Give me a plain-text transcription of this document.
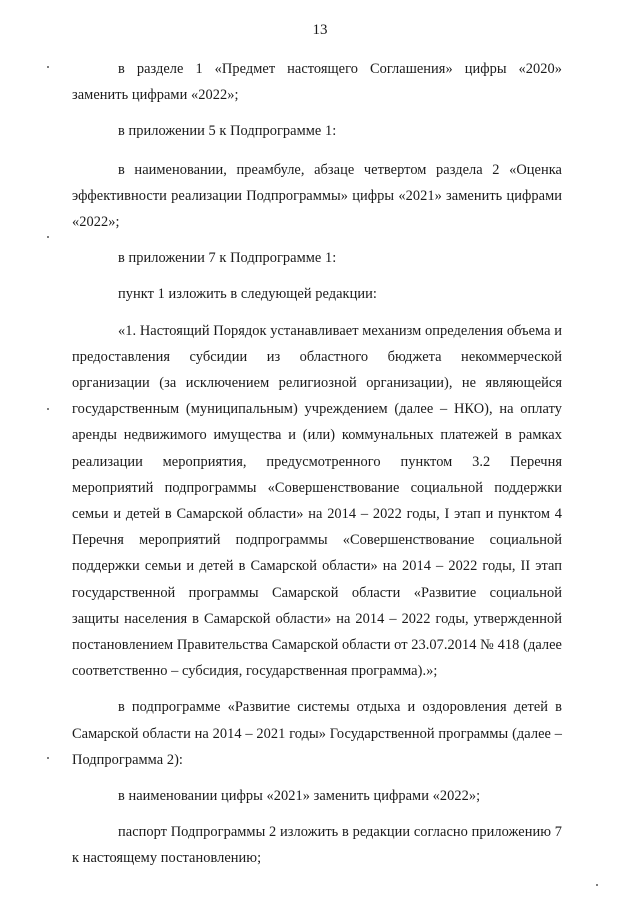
13

в разделе 1 «Предмет настоящего Соглашения» цифры «2020» заменить цифрами «2022»;

в приложении 5 к Подпрограмме 1:

в наименовании, преамбуле, абзаце четвертом раздела 2 «Оценка эффективности реализации Подпрограммы» цифры «2021» заменить цифрами «2022»;

в приложении 7 к Подпрограмме 1:

пункт 1 изложить в следующей редакции:

«1. Настоящий Порядок устанавливает механизм определения объема и предоставления субсидии из областного бюджета некоммерческой организации (за исключением религиозной организации), не являющейся государственным (муниципальным) учреждением (далее – НКО), на оплату аренды недвижимого имущества и (или) коммунальных платежей в рамках реализации мероприятия, предусмотренного пунктом 3.2 Перечня мероприятий подпрограммы «Совершенствование социальной поддержки семьи и детей в Самарской области» на 2014 – 2022 годы, I этап и пунктом 4 Перечня мероприятий подпрограммы «Совершенствование социальной поддержки семьи и детей в Самарской области» на 2014 – 2022 годы, II этап государственной программы Самарской области «Развитие социальной защиты населения в Самарской области» на 2014 – 2022 годы, утвержденной постановлением Правительства Самарской области от 23.07.2014 № 418 (далее соответственно – субсидия, государственная программа).»;

в подпрограмме «Развитие системы отдыха и оздоровления детей в Самарской области на 2014 – 2021 годы» Государственной программы (далее – Подпрограмма 2):

в наименовании цифры «2021» заменить цифрами «2022»;

паспорт Подпрограммы 2 изложить в редакции согласно приложению 7 к настоящему постановлению;
